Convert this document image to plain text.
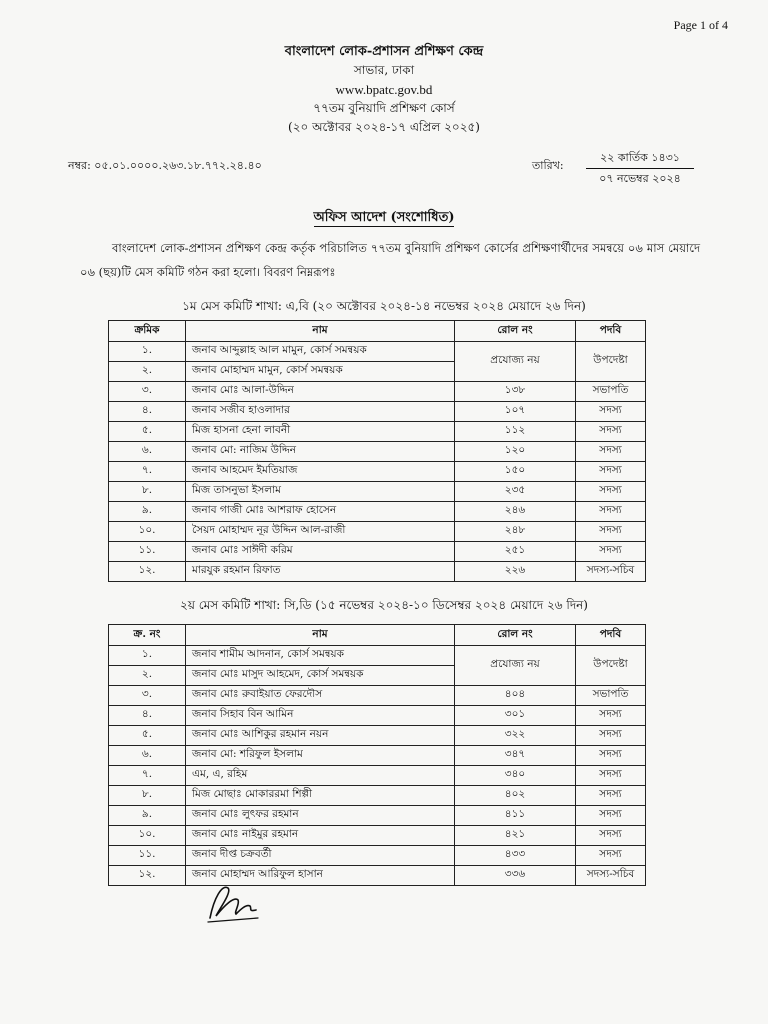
Page 1 of 4
বাংলাদেশ লোক-প্রশাসন প্রশিক্ষণ কেন্দ্র
সাভার, ঢাকা
www.bpatc.gov.bd
৭৭তম বুনিয়াদি প্রশিক্ষণ কোর্স
(২০ অক্টোবর ২০২৪-১৭ এপ্রিল ২০২৫)
নম্বর: ০৫.০১.০০০০.২৬৩.১৮.৭৭২.২৪.৪০	তারিখ:
২২ কার্তিক ১৪৩১
০৭ নভেম্বর ২০২৪
অফিস আদেশ (সংশোধিত)
বাংলাদেশ লোক-প্রশাসন প্রশিক্ষণ কেন্দ্র কর্তৃক পরিচালিত ৭৭তম বুনিয়াদি প্রশিক্ষণ কোর্সের প্রশিক্ষণার্থীদের সমন্বয়ে ০৬ মাস মেয়াদে ০৬ (ছয়)টি মেস কমিটি গঠন করা হলো। বিবরণ নিম্নরূপঃ
১ম মেস কমিটি শাখা: এ,বি (২০ অক্টোবর ২০২৪-১৪ নভেম্বর ২০২৪ মেয়াদে ২৬ দিন)
ক্রমিক	নাম	রোল নং	পদবি
১.	জনাব আব্দুল্লাহ আল মামুন, কোর্স সমন্বয়ক	প্রযোজ্য নয়	উপদেষ্টা
২.	জনাব মোহাম্মদ মামুন, কোর্স সমন্বয়ক		
৩.	জনাব মোঃ আলা-উদ্দিন	১৩৮	সভাপতি
৪.	জনাব সজীব হাওলাদার	১০৭	সদস্য
৫.	মিজ হাসনা হেনা লাবনী	১১২	সদস্য
৬.	জনাব মো: নাজিম উদ্দিন	১২০	সদস্য
৭.	জনাব আহমেদ ইমতিয়াজ	১৫০	সদস্য
৮.	মিজ তাসনুভা ইসলাম	২৩৫	সদস্য
৯.	জনাব গাজী মোঃ আশরাফ হোসেন	২৪৬	সদস্য
১০.	সৈয়দ মোহাম্মদ নূর উদ্দিন আল-রাজী	২৪৮	সদস্য
১১.	জনাব মোঃ সাঈদী করিম	২৫১	সদস্য
১২.	মারযুক রহমান রিফাত	২২৬	সদস্য-সচিব
২য় মেস কমিটি শাখা: সি,ডি (১৫ নভেম্বর ২০২৪-১০ ডিসেম্বর ২০২৪ মেয়াদে ২৬ দিন)
ক্র. নং	নাম	রোল নং	পদবি
১.	জনাব শামীম আদনান, কোর্স সমন্বয়ক	প্রযোজ্য নয়	উপদেষ্টা
২.	জনাব মোঃ মাসুদ আহমেদ, কোর্স সমন্বয়ক		
৩.	জনাব মোঃ রুবাইয়াত ফেরদৌস	৪০৪	সভাপতি
৪.	জনাব সিহাব বিন আমিন	৩০১	সদস্য
৫.	জনাব মোঃ আশিকুর রহমান নয়ন	৩২২	সদস্য
৬.	জনাব মো: শরিফুল ইসলাম	৩৪৭	সদস্য
৭.	এম, এ, রহিম	৩৪০	সদস্য
৮.	মিজ মোছাঃ মোকাররমা শিল্পী	৪০২	সদস্য
৯.	জনাব মোঃ লুৎফর রহমান	৪১১	সদস্য
১০.	জনাব মোঃ নাইমুর রহমান	৪২১	সদস্য
১১.	জনাব দীপ্ত চক্রবর্তী	৪৩৩	সদস্য
১২.	জনাব মোহাম্মদ আরিফুল হাসান	৩৩৬	সদস্য-সচিব
